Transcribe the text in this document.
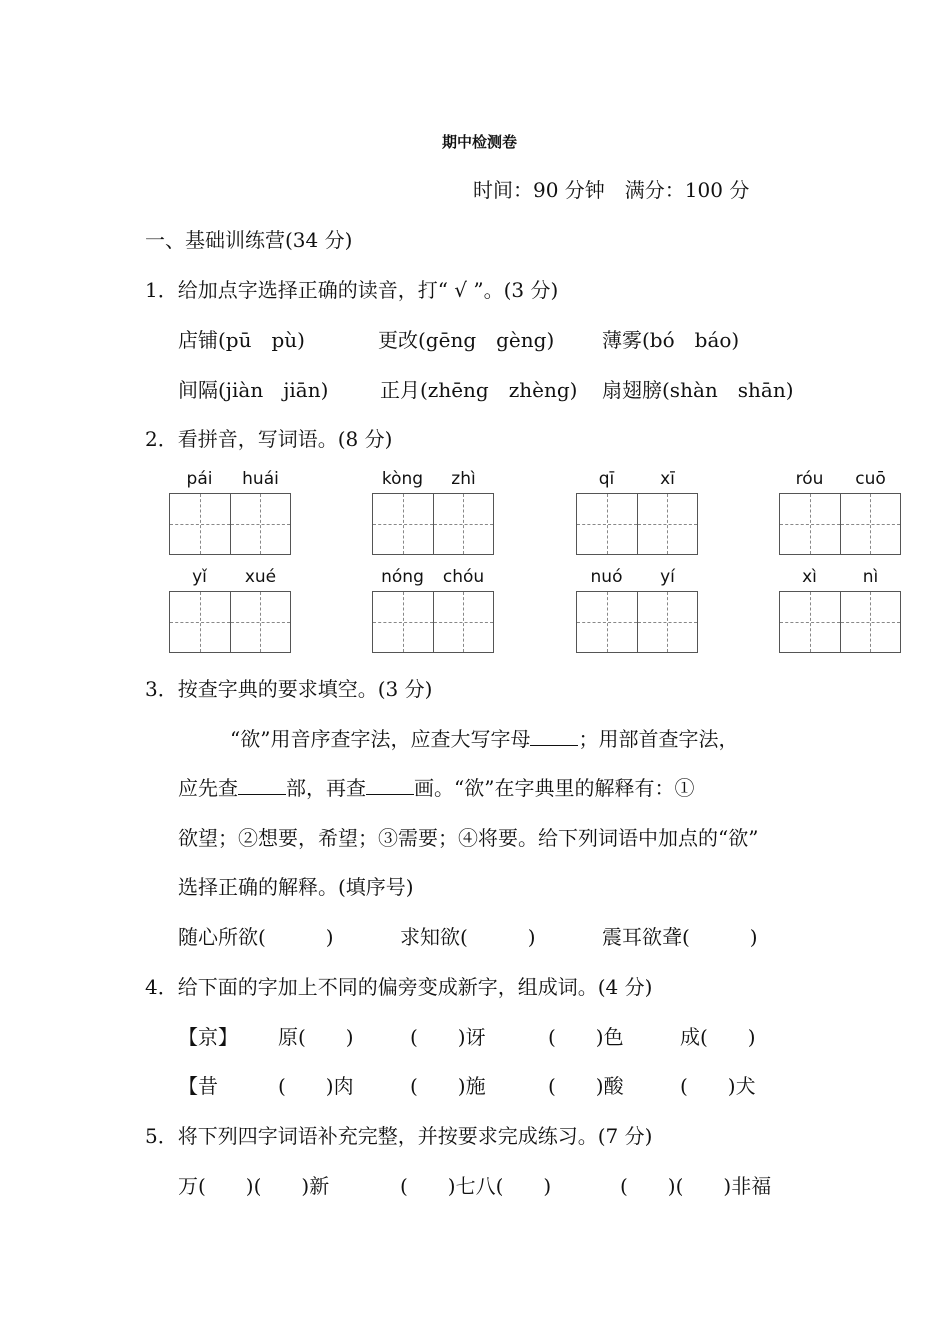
期中检测卷
时间：90 分钟　满分：100 分
一、基础训练营(34 分)
1．给加点字选择正确的读音，打“ √ ”。(3 分)
店铺(pū　pù)	更改(gēng　gèng) 薄雾(bó　báo)
间隔(jiàn　jiān)	正月(zhēng　zhèng) 扇翅膀(shàn　shān)
2．看拼音，写词语。(8 分)
pái	huái	kòng	zhì	qī	xī	róu	cuō
yǐ	xué	nóng	chóu	nuó	yí	xì	nì
3．按查字典的要求填空。(3 分)
“欲”用音序查字法，应查大写字母 ；用部首查字法，
应先查 部，再查 画。“欲”在字典里的解释有：①
欲望；②想要，希望；③需要；④将要。给下列词语中加点的“欲”
选择正确的解释。(填序号)
随心所欲(　　　)	求知欲(　　　)	震耳欲聋(　　　)
4．给下面的字加上不同的偏旁变成新字，组成词。(4 分)
【京】 原(　　)	(　　)讶	(　　)色	成(　　)
【昔	(　　)肉	(　　)施	(　　)酸	(　　)犬
5．将下列四字词语补充完整，并按要求完成练习。(7 分)
万(　　)(　　)新	(　　)七八(　　)	(　　)(　　)非福
